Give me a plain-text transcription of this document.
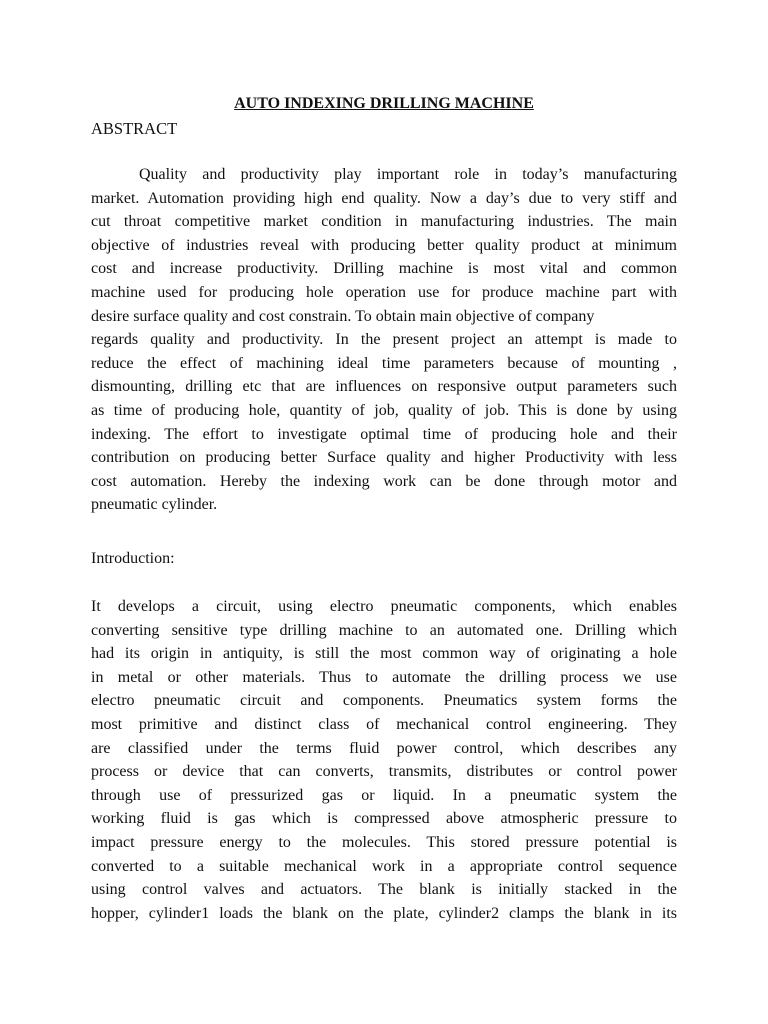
AUTO INDEXING DRILLING MACHINE

ABSTRACT

Quality and productivity play important role in today’s manufacturing
market. Automation providing high end quality. Now a day’s due to very stiff and
cut throat competitive market condition in manufacturing industries. The main
objective of industries reveal with producing better quality product at minimum
cost and increase productivity. Drilling machine is most vital and common
machine used for producing hole operation use for produce machine part with
desire surface quality and cost constrain. To obtain main objective of company
regards quality and productivity. In the present project an attempt is made to
reduce the effect of machining ideal time parameters because of mounting ,
dismounting, drilling etc that are influences on responsive output parameters such
as time of producing hole, quantity of job, quality of job. This is done by using
indexing. The effort to investigate optimal time of producing hole and their
contribution on producing better Surface quality and higher Productivity with less
cost automation. Hereby the indexing work can be done through motor and
pneumatic cylinder.

Introduction:

It develops a circuit, using electro pneumatic components, which enables
converting sensitive type drilling machine to an automated one. Drilling which
had its origin in antiquity, is still the most common way of originating a hole
in metal or other materials. Thus to automate the drilling process we use
electro pneumatic circuit and components. Pneumatics system forms the
most primitive and distinct class of mechanical control engineering. They
are classified under the terms fluid power control, which describes any
process or device that can converts, transmits, distributes or control power
through use of pressurized gas or liquid. In a pneumatic system the
working fluid is gas which is compressed above atmospheric pressure to
impact pressure energy to the molecules. This stored pressure potential is
converted to a suitable mechanical work in a appropriate control sequence
using control valves and actuators. The blank is initially stacked in the
hopper, cylinder1 loads the blank on the plate, cylinder2 clamps the blank in its
